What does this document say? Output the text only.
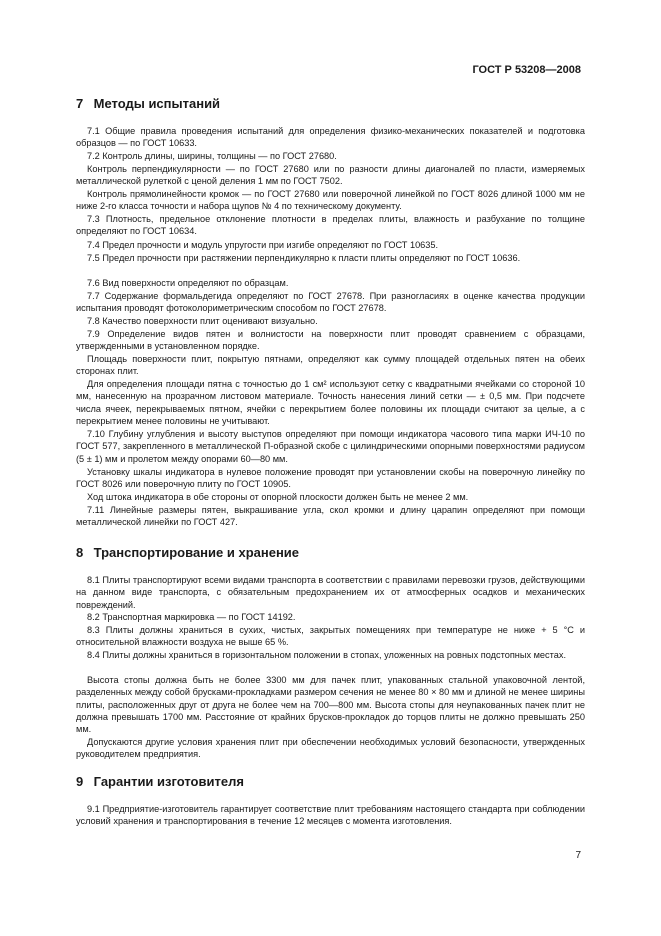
ГОСТ Р 53208—2008
7 Методы испытаний

7.1 Общие правила проведения испытаний для определения физико-механических показателей и подготовка образцов — по ГОСТ 10633.

7.2 Контроль длины, ширины, толщины — по ГОСТ 27680.

Контроль перпендикулярности — по ГОСТ 27680 или по разности длины диагоналей по пласти, измеряемых металлической рулеткой с ценой деления 1 мм по ГОСТ 7502.

Контроль прямолинейности кромок — по ГОСТ 27680 или поверочной линейкой по ГОСТ 8026 длиной 1000 мм не ниже 2-го класса точности и набора щупов № 4 по техническому документу.

7.3 Плотность, предельное отклонение плотности в пределах плиты, влажность и разбухание по толщине определяют по ГОСТ 10634.

7.4 Предел прочности и модуль упругости при изгибе определяют по ГОСТ 10635.

7.5 Предел прочности при растяжении перпендикулярно к пласти плиты определяют по ГОСТ 10636.

7.6 Вид поверхности определяют по образцам.

7.7 Содержание формальдегида определяют по ГОСТ 27678. При разногласиях в оценке качества продукции испытания проводят фотоколориметрическим способом по ГОСТ 27678.

7.8 Качество поверхности плит оценивают визуально.

7.9 Определение видов пятен и волнистости на поверхности плит проводят сравнением с образцами, утвержденными в установленном порядке.

Площадь поверхности плит, покрытую пятнами, определяют как сумму площадей отдельных пятен на обеих сторонах плит.

Для определения площади пятна с точностью до 1 см² используют сетку с квадратными ячейками со стороной 10 мм, нанесенную на прозрачном листовом материале. Точность нанесения линий сетки — ± 0,5 мм. При подсчете числа ячеек, перекрываемых пятном, ячейки с перекрытием более половины их площади считают за целые, а с перекрытием менее половины не учитывают.

7.10 Глубину углубления и высоту выступов определяют при помощи индикатора часового типа марки ИЧ-10 по ГОСТ 577, закрепленного в металлической П-образной скобе с цилиндрическими опорными поверхностями радиусом (5 ± 1) мм и пролетом между опорами 60—80 мм.

Установку шкалы индикатора в нулевое положение проводят при установлении скобы на поверочную линейку по ГОСТ 8026 или поверочную плиту по ГОСТ 10905.

Ход штока индикатора в обе стороны от опорной плоскости должен быть не менее 2 мм.

7.11 Линейные размеры пятен, выкрашивание угла, скол кромки и длину царапин определяют при помощи металлической линейки по ГОСТ 427.

8 Транспортирование и хранение

8.1 Плиты транспортируют всеми видами транспорта в соответствии с правилами перевозки грузов, действующими на данном виде транспорта, с обязательным предохранением их от атмосферных осадков и механических повреждений.

8.2 Транспортная маркировка — по ГОСТ 14192.

8.3 Плиты должны храниться в сухих, чистых, закрытых помещениях при температуре не ниже + 5 °С и относительной влажности воздуха не выше 65 %.

8.4 Плиты должны храниться в горизонтальном положении в стопах, уложенных на ровных подстопных местах.

Высота стопы должна быть не более 3300 мм для пачек плит, упакованных стальной упаковочной лентой, разделенных между собой брусками-прокладками размером сечения не менее 80 × 80 мм и длиной не менее ширины плиты, расположенных друг от друга не более чем на 700—800 мм. Высота стопы для неупакованных пачек плит не должна превышать 1700 мм. Расстояние от крайних брусков-прокладок до торцов плиты не должно превышать 250 мм.

Допускаются другие условия хранения плит при обеспечении необходимых условий безопасности, утвержденных руководителем предприятия.

9 Гарантии изготовителя

9.1 Предприятие-изготовитель гарантирует соответствие плит требованиям настоящего стандарта при соблюдении условий хранения и транспортирования в течение 12 месяцев с момента изготовления.

7
